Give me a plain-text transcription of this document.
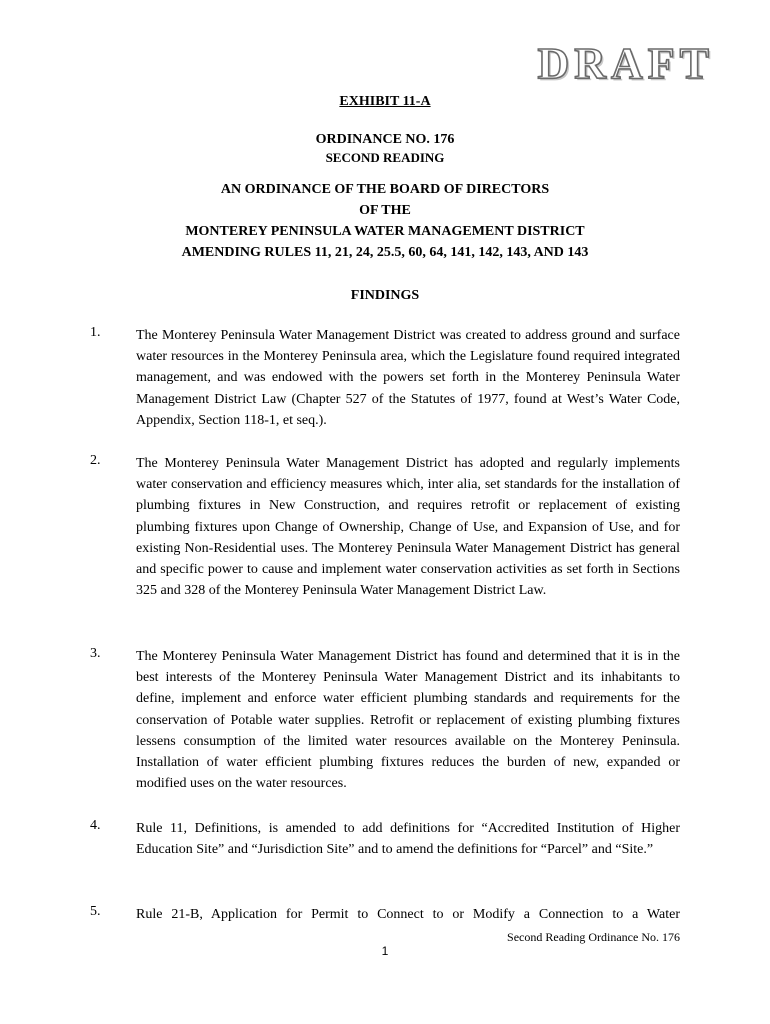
DRAFT
EXHIBIT 11-A
ORDINANCE NO. 176
SECOND READING
AN ORDINANCE OF THE BOARD OF DIRECTORS
OF THE
MONTEREY PENINSULA WATER MANAGEMENT DISTRICT
AMENDING RULES 11, 21, 24, 25.5, 60, 64, 141, 142, 143, AND 143
FINDINGS
1.	The Monterey Peninsula Water Management District was created to address ground and surface water resources in the Monterey Peninsula area, which the Legislature found required integrated management, and was endowed with the powers set forth in the Monterey Peninsula Water Management District Law (Chapter 527 of the Statutes of 1977, found at West’s Water Code, Appendix, Section 118-1, et seq.).
2.	The Monterey Peninsula Water Management District has adopted and regularly implements water conservation and efficiency measures which, inter alia, set standards for the installation of plumbing fixtures in New Construction, and requires retrofit or replacement of existing plumbing fixtures upon Change of Ownership, Change of Use, and Expansion of Use, and for existing Non-Residential uses. The Monterey Peninsula Water Management District has general and specific power to cause and implement water conservation activities as set forth in Sections 325 and 328 of the Monterey Peninsula Water Management District Law.
3.	The Monterey Peninsula Water Management District has found and determined that it is in the best interests of the Monterey Peninsula Water Management District and its inhabitants to define, implement and enforce water efficient plumbing standards and requirements for the conservation of Potable water supplies. Retrofit or replacement of existing plumbing fixtures lessens consumption of the limited water resources available on the Monterey Peninsula. Installation of water efficient plumbing fixtures reduces the burden of new, expanded or modified uses on the water resources.
4.	Rule 11, Definitions, is amended to add definitions for “Accredited Institution of Higher Education Site” and “Jurisdiction Site” and to amend the definitions for “Parcel” and “Site.”
5.	Rule 21-B, Application for Permit to Connect to or Modify a Connection to a Water
Second Reading Ordinance No. 176
1
